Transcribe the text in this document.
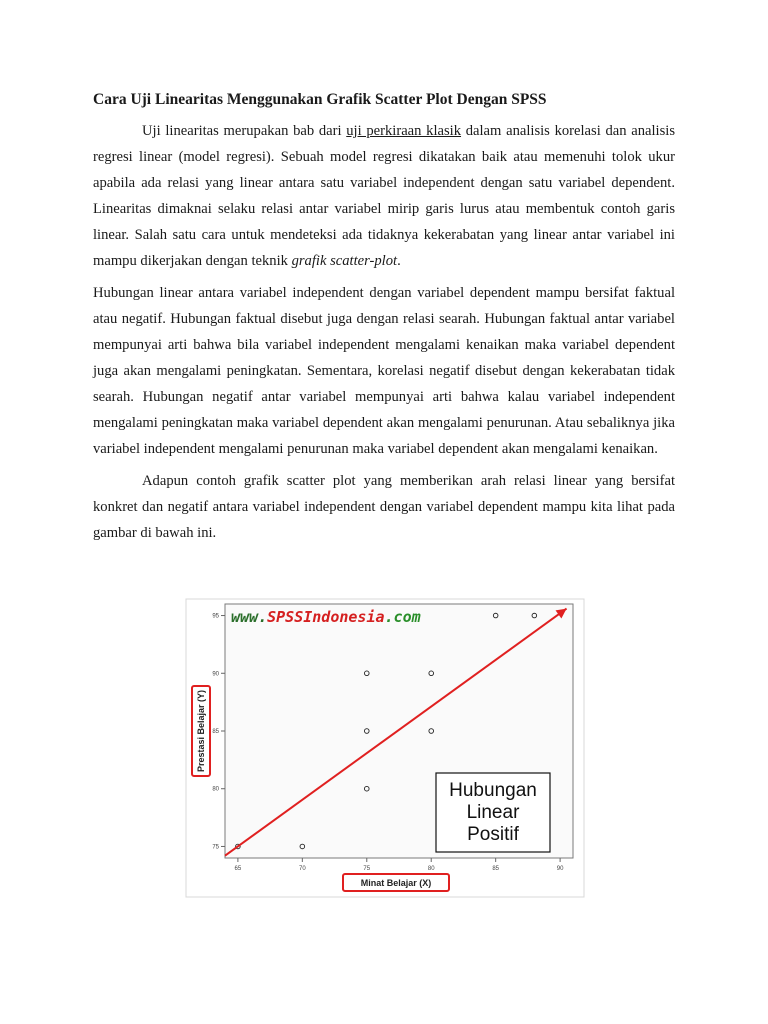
Cara Uji Linearitas Menggunakan Grafik Scatter Plot Dengan SPSS

Uji linearitas merupakan bab dari uji perkiraan klasik dalam analisis korelasi dan analisis regresi linear (model regresi). Sebuah model regresi dikatakan baik atau memenuhi tolok ukur apabila ada relasi yang linear antara satu variabel independent dengan satu variabel dependent. Linearitas dimaknai selaku relasi antar variabel mirip garis lurus atau membentuk contoh garis linear. Salah satu cara untuk mendeteksi ada tidaknya kekerabatan yang linear antar variabel ini mampu dikerjakan dengan teknik grafik scatter-plot.

Hubungan linear antara variabel independent dengan variabel dependent mampu bersifat faktual atau negatif. Hubungan faktual disebut juga dengan relasi searah. Hubungan faktual antar variabel mempunyai arti bahwa bila variabel independent mengalami kenaikan maka variabel dependent juga akan mengalami peningkatan. Sementara, korelasi negatif disebut dengan kekerabatan tidak searah. Hubungan negatif antar variabel mempunyai arti bahwa kalau variabel independent mengalami peningkatan maka variabel dependent akan mengalami penurunan. Atau sebaliknya jika variabel independent mengalami penurunan maka variabel dependent akan mengalami kenaikan.

Adapun contoh grafik scatter plot yang memberikan arah relasi linear yang bersifat konkret dan negatif antara variabel independent dengan variabel dependent mampu kita lihat pada gambar di bawah ini.

www.SPSSIndonesia.com
65	70	75	80	85	90
75
80
85
90
95
Hubungan
Linear
Positif
Prestasi Belajar (Y)
Minat Belajar (X)
